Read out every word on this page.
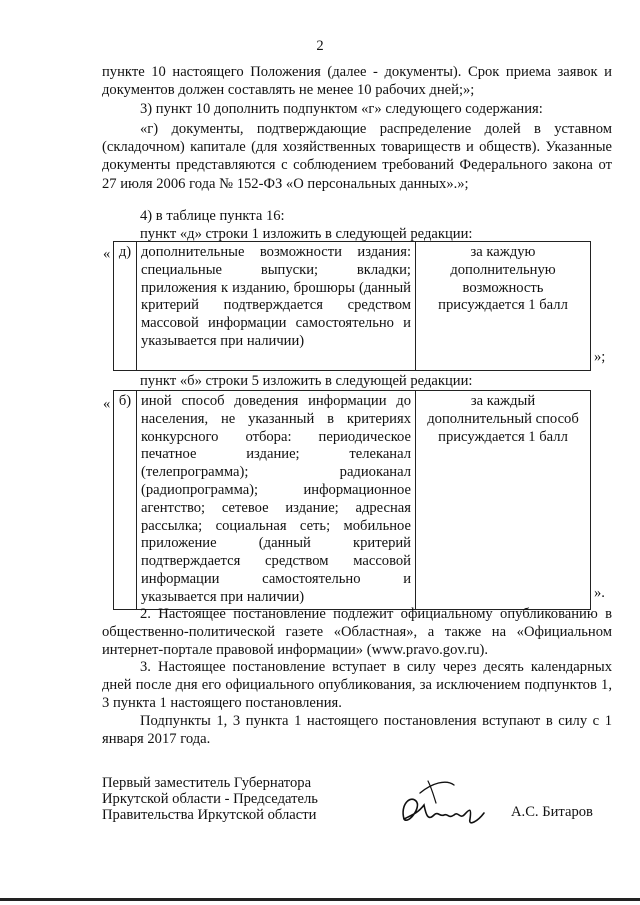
2
пункте 10 настоящего Положения (далее - документы). Срок приема заявок и документов должен составлять не менее 10 рабочих дней;»;
3) пункт 10 дополнить подпунктом «г» следующего содержания:
«г) документы, подтверждающие распределение долей в уставном (складочном) капитале (для хозяйственных товариществ и обществ). Указанные документы представляются с соблюдением требований Федерального закона от 27 июля 2006 года № 152-ФЗ «О персональных данных».»;
4) в таблице пункта 16:
пункт «д» строки 1 изложить в следующей редакции:
« д)	дополнительные возможности издания: специальные выпуски; вкладки; приложения к изданию, брошюры (данный критерий подтверждается средством массовой информации самостоятельно и указывается при наличии)	за каждую дополнительную возможность присуждается 1 балл
»;
пункт «б» строки 5 изложить в следующей редакции:
« б)	иной способ доведения информации до населения, не указанный в критериях конкурсного отбора: периодическое печатное издание; телеканал (телепрограмма); радиоканал (радиопрограмма); информационное агентство; сетевое издание; адресная рассылка; социальная сеть; мобильное приложение (данный критерий подтверждается средством массовой информации самостоятельно и указывается при наличии)	за каждый дополнительный способ присуждается 1 балл
».
2. Настоящее постановление подлежит официальному опубликованию в общественно-политической газете «Областная», а также на «Официальном интернет-портале правовой информации» (www.pravo.gov.ru).
3. Настоящее постановление вступает в силу через десять календарных дней после дня его официального опубликования, за исключением подпунктов 1, 3 пункта 1 настоящего постановления.
Подпункты 1, 3 пункта 1 настоящего постановления вступают в силу с 1 января 2017 года.
Первый заместитель Губернатора
Иркутской области - Председатель
Правительства Иркутской области	А.С. Битаров
